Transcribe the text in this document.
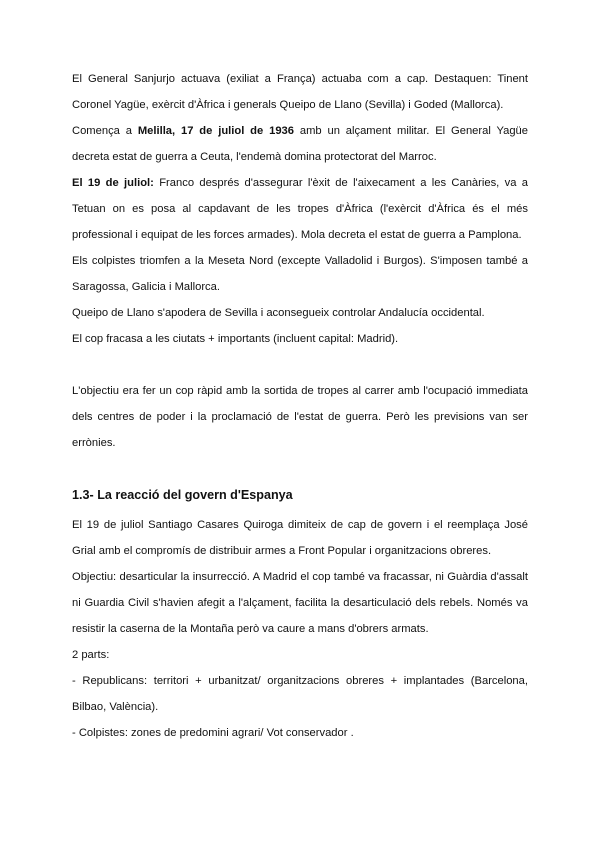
El General Sanjurjo actuava (exiliat a França) actuaba com a cap. Destaquen: Tinent Coronel Yagüe, exèrcit d'Àfrica i generals Queipo de Llano (Sevilla) i Goded (Mallorca).

Comença a Melilla, 17 de juliol de 1936 amb un alçament militar. El General Yagüe decreta estat de guerra a Ceuta, l'endemà domina protectorat del Marroc.

El 19 de juliol: Franco després d'assegurar l'èxit de l'aixecament a les Canàries, va a Tetuan on es posa al capdavant de les tropes d'Àfrica (l'exèrcit d'Àfrica és el més professional i equipat de les forces armades). Mola decreta el estat de guerra a Pamplona.

Els colpistes triomfen a la Meseta Nord (excepte Valladolid i Burgos). S'imposen també a Saragossa, Galicia i Mallorca.

Queipo de Llano s'apodera de Sevilla i aconsegueix controlar Andalucía occidental.

El cop fracasa a les ciutats + importants (incluent capital: Madrid).

L'objectiu era fer un cop ràpid amb la sortida de tropes al carrer amb l'ocupació immediata dels centres de poder i la proclamació de l'estat de guerra. Però les previsions van ser erròni​es.

1.3- La reacció del govern d'Espanya

El 19 de juliol Santiago Casares Quiroga dimiteix de cap de govern i el reemplaça José Grial amb el compromís de distribuir armes a Front Popular i organitzacions obreres.

Objectiu: desarticular la insurrecció. A Madrid el cop també va fracassar, ni Guàrdia d'assalt ni Guardia Civil s'havien afegit a l'alçament, facilita la desarticulació dels rebels. Només va resistir la caserna de la Montaña però va caure a mans d'obrers armats.

2 parts:

- Republicans: territori + urbanitzat/ organitzacions obreres + implantades (Barcelona, Bilbao, València).

- Colpistes: zones de predomini agrari/ Vot conservador .
